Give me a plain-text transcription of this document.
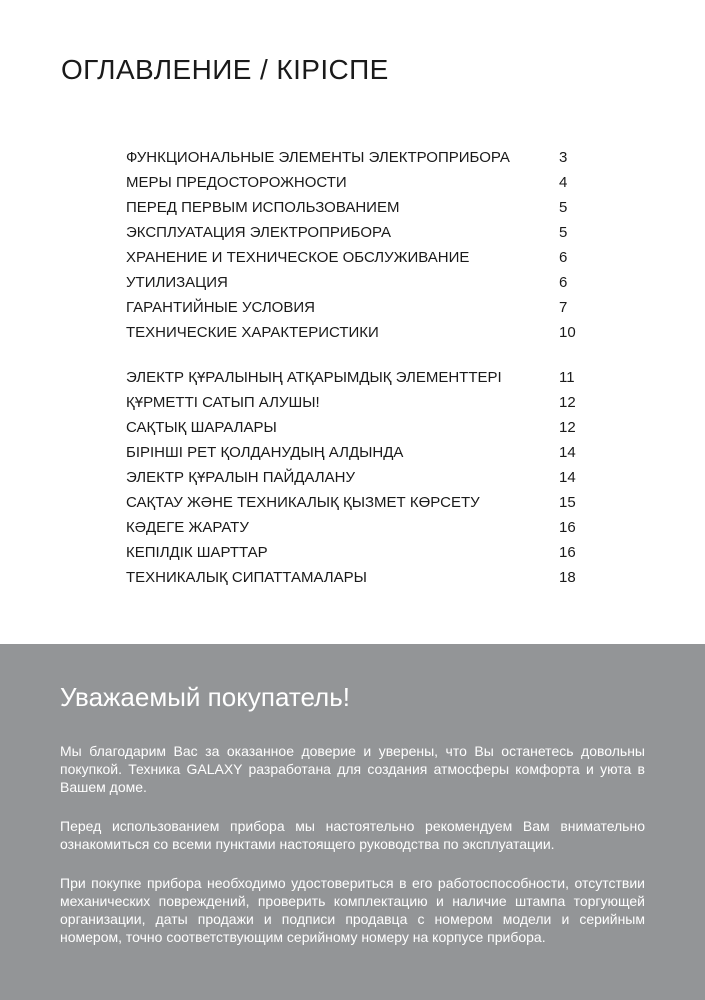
ОГЛАВЛЕНИЕ / КІРІСПЕ
ФУНКЦИОНАЛЬНЫЕ ЭЛЕМЕНТЫ ЭЛЕКТРОПРИБОРА	3
МЕРЫ ПРЕДОСТОРОЖНОСТИ	4
ПЕРЕД ПЕРВЫМ ИСПОЛЬЗОВАНИЕМ	5
ЭКСПЛУАТАЦИЯ ЭЛЕКТРОПРИБОРА	5
ХРАНЕНИЕ И ТЕХНИЧЕСКОЕ ОБСЛУЖИВАНИЕ	6
УТИЛИЗАЦИЯ	6
ГАРАНТИЙНЫЕ УСЛОВИЯ	7
ТЕХНИЧЕСКИЕ ХАРАКТЕРИСТИКИ	10
ЭЛЕКТР ҚҰРАЛЫНЫҢ АТҚАРЫМДЫҚ ЭЛЕМЕНТТЕРІ	11
ҚҰРМЕТТІ САТЫП АЛУШЫ!	12
САҚТЫҚ ШАРАЛАРЫ	12
БІРІНШІ РЕТ ҚОЛДАНУДЫҢ АЛДЫНДА	14
ЭЛЕКТР ҚҰРАЛЫН ПАЙДАЛАНУ	14
САҚТАУ ЖӘНЕ ТЕХНИКАЛЫҚ ҚЫЗМЕТ КӨРСЕТУ	15
КӘДЕГЕ ЖАРАТУ	16
КЕПІЛДІК ШАРТТАР	16
ТЕХНИКАЛЫҚ СИПАТТАМАЛАРЫ	18
Уважаемый покупатель!
Мы благодарим Вас за оказанное доверие и уверены, что Вы останетесь довольны покупкой. Техника GALAXY разработана для создания атмосферы комфорта и уюта в Вашем доме.
Перед использованием прибора мы настоятельно рекомендуем Вам внимательно ознакомиться со всеми пунктами настоящего руководства по эксплуатации.
При покупке прибора необходимо удостовериться в его работоспособности, отсутствии механических повреждений, проверить комплектацию и наличие штампа торгующей организации, даты продажи и подписи продавца с номером модели и серийным номером, точно соответствующим серийному номеру на корпусе прибора.
